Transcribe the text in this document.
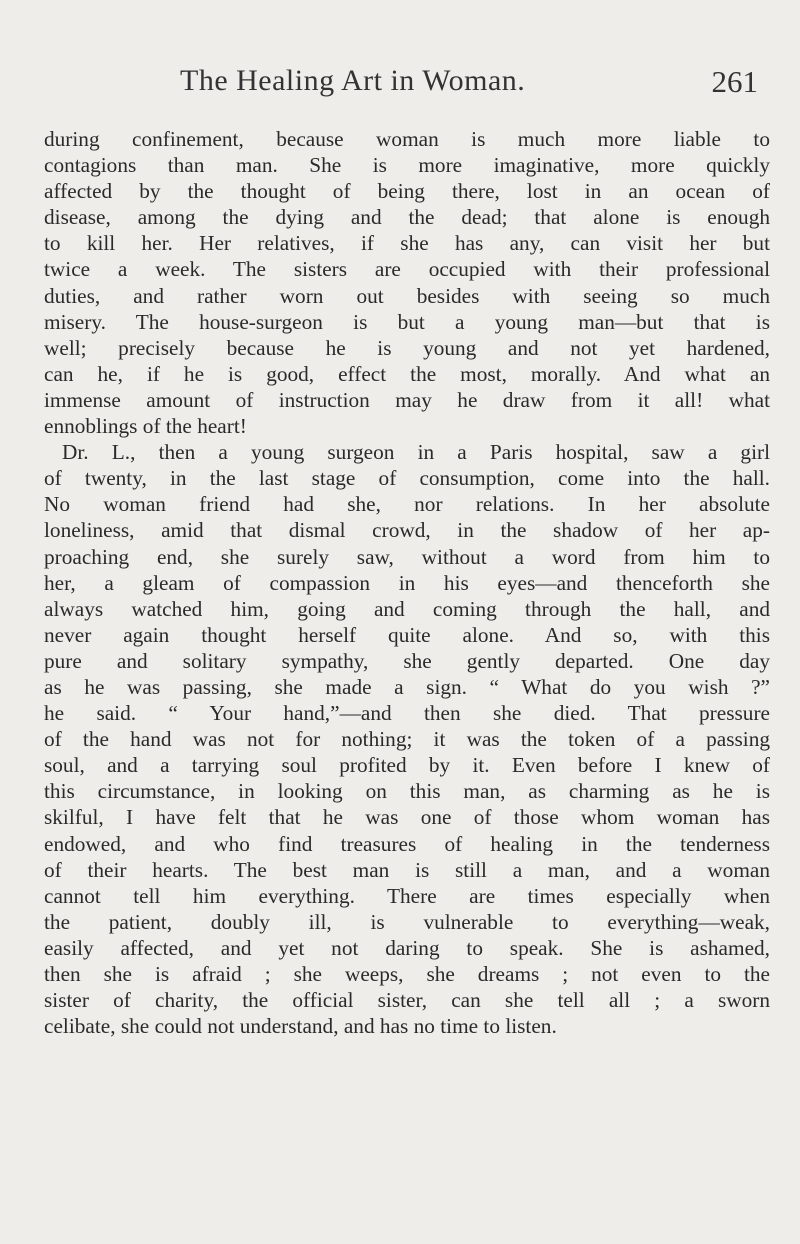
The Healing Art in Woman.	261
during confinement, because woman is much more liable to
contagions than man. She is more imaginative, more quickly
affected by the thought of being there, lost in an ocean of
disease, among the dying and the dead; that alone is enough
to kill her. Her relatives, if she has any, can visit her but
twice a week. The sisters are occupied with their professional
duties, and rather worn out besides with seeing so much
misery. The house-surgeon is but a young man—but that is
well; precisely because he is young and not yet hardened,
can he, if he is good, effect the most, morally. And what an
immense amount of instruction may he draw from it all! what
ennoblings of the heart!
Dr. L., then a young surgeon in a Paris hospital, saw a girl
of twenty, in the last stage of consumption, come into the hall.
No woman friend had she, nor relations. In her absolute
loneliness, amid that dismal crowd, in the shadow of her ap-
proaching end, she surely saw, without a word from him to
her, a gleam of compassion in his eyes—and thenceforth she
always watched him, going and coming through the hall, and
never again thought herself quite alone. And so, with this
pure and solitary sympathy, she gently departed. One day
as he was passing, she made a sign. “ What do you wish ?”
he said. “ Your hand,”—and then she died. That pressure
of the hand was not for nothing; it was the token of a passing
soul, and a tarrying soul profited by it. Even before I knew of
this circumstance, in looking on this man, as charming as he is
skilful, I have felt that he was one of those whom woman has
endowed, and who find treasures of healing in the tenderness
of their hearts. The best man is still a man, and a woman
cannot tell him everything. There are times especially when
the patient, doubly ill, is vulnerable to everything—weak,
easily affected, and yet not daring to speak. She is ashamed,
then she is afraid ; she weeps, she dreams ; not even to the
sister of charity, the official sister, can she tell all ; a sworn
celibate, she could not understand, and has no time to listen.
